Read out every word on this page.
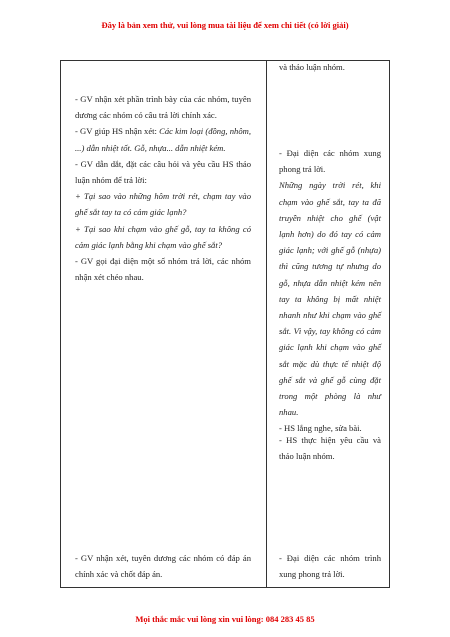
Đây là bản xem thử, vui lòng mua tài liệu để xem chi tiết (có lời giải)

- GV nhận xét phần trình bày của các nhóm, tuyên dương các nhóm có câu trả lời chính xác.

- GV giúp HS nhận xét: Các kim loại (đồng, nhôm, ...) dẫn nhiệt tốt. Gỗ, nhựa... dẫn nhiệt kém.

- GV dẫn dắt, đặt các câu hỏi và yêu cầu HS thảo luận nhóm để trả lời:

+ Tại sao vào những hôm trời rét, chạm tay vào ghế sắt tay ta có cảm giác lạnh?

+ Tại sao khi chạm vào ghế gỗ, tay ta không có cảm giác lạnh bằng khi chạm vào ghế sắt?

- GV gọi đại diện một số nhóm trả lời, các nhóm nhận xét chéo nhau.

- GV nhận xét, tuyên dương các nhóm có đáp án chính xác và chốt đáp án.

và thảo luận nhóm.

- Đại diện các nhóm xung phong trả lời.

Những ngày trời rét, khi chạm vào ghế sắt, tay ta đã truyền nhiệt cho ghế (vật lạnh hơn) do đó tay có cảm giác lạnh; với ghế gỗ (nhựa) thì cũng tương tự nhưng do gỗ, nhựa dẫn nhiệt kém nên tay ta không bị mất nhiệt nhanh như khi chạm vào ghế sắt. Vì vậy, tay không có cảm giác lạnh khi chạm vào ghế sắt mặc dù thực tế nhiệt độ ghế sắt và ghế gỗ cùng đặt trong một phòng là như nhau.

- HS lắng nghe, sửa bài.

- HS thực hiện yêu cầu và thảo luận nhóm.

- Đại diện các nhóm trình xung phong trả lời.

Mọi thắc mắc vui lòng xin vui lòng: 084 283 45 85
